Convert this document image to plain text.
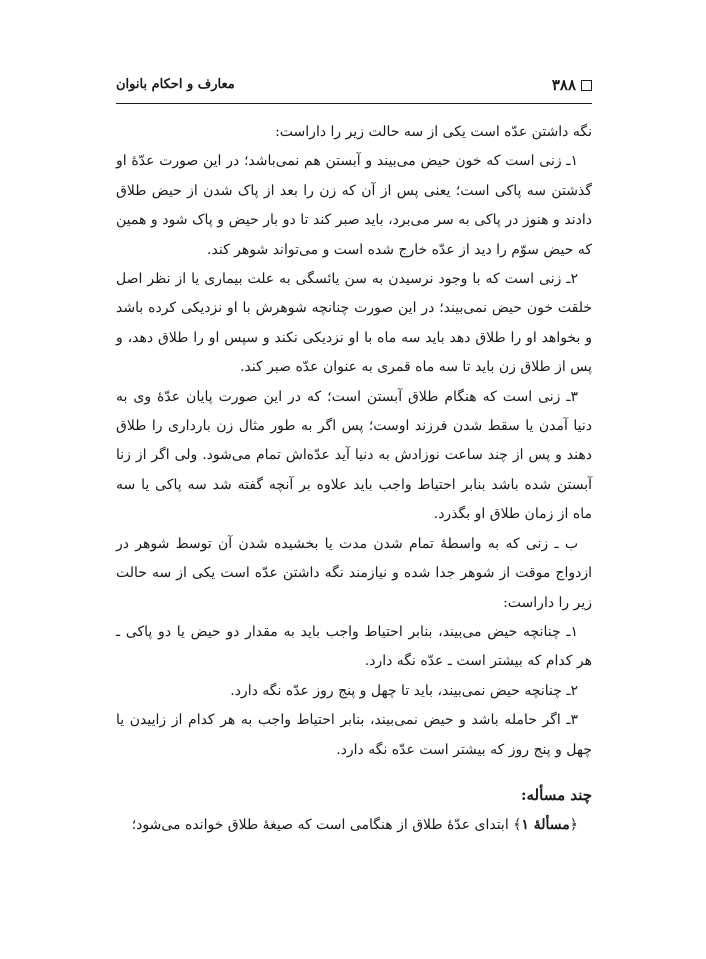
۳۸۸
معارف و احکام بانوان

نگه داشتن عدّه است یکی از سه حالت زیر را داراست:

۱ـ زنی است که خون حیض می‌بیند و آبستن هم نمی‌باشد؛ در این صورت عدّهٔ او گذشتن سه پاکی است؛ یعنی پس از آن که زن را بعد از پاک شدن از حیض طلاق دادند و هنوز در پاکی به سر می‌برد، باید صبر کند تا دو بار حیض و پاک شود و همین که حیض سوّم را دید از عدّه خارج شده است و می‌تواند شوهر کند.

۲ـ زنی است که با وجود نرسیدن به سن یائسگی به علت بیماری یا از نظر اصل خلقت خون حیض نمی‌بیند؛ در این صورت چنانچه شوهرش با او نزدیکی کرده باشد و بخواهد او را طلاق دهد باید سه ماه با او نزدیکی نکند و سپس او را طلاق دهد، و پس از طلاق زن باید تا سه ماه قمری به عنوان عدّه صبر کند.

۳ـ زنی است که هنگام طلاق آبستن است؛ که در این صورت پایان عدّهٔ وی به دنیا آمدن یا سقط شدن فرزند اوست؛ پس اگر به طور مثال زن بارداری را طلاق دهند و پس از چند ساعت نوزادش به دنیا آید عدّه‌اش تمام می‌شود. ولی اگر از زنا آبستن شده باشد بنابر احتیاط واجب باید علاوه بر آنچه گفته شد سه پاکی یا سه ماه از زمان طلاق او بگذرد.

ب ـ زنی که به واسطهٔ تمام شدن مدت یا بخشیده شدن آن توسط شوهر در ازدواج موقت از شوهر جدا شده و نیازمند نگه داشتن عدّه است یکی از سه حالت زیر را داراست:

۱ـ چنانچه حیض می‌بیند، بنابر احتیاط واجب باید به مقدار دو حیض یا دو پاکی ـ هر کدام که بیشتر است ـ عدّه نگه دارد.

۲ـ چنانچه حیض نمی‌بیند، باید تا چهل و پنج روز عدّه نگه دارد.

۳ـ اگر حامله باشد و حیض نمی‌بیند، بنابر احتیاط واجب به هر کدام از زاییدن یا چهل و پنج روز که بیشتر است عدّه نگه دارد.

چند مسأله:

﴿مسألهٔ ۱﴾ ابتدای عدّهٔ طلاق از هنگامی است که صیغهٔ طلاق خوانده می‌شود؛
